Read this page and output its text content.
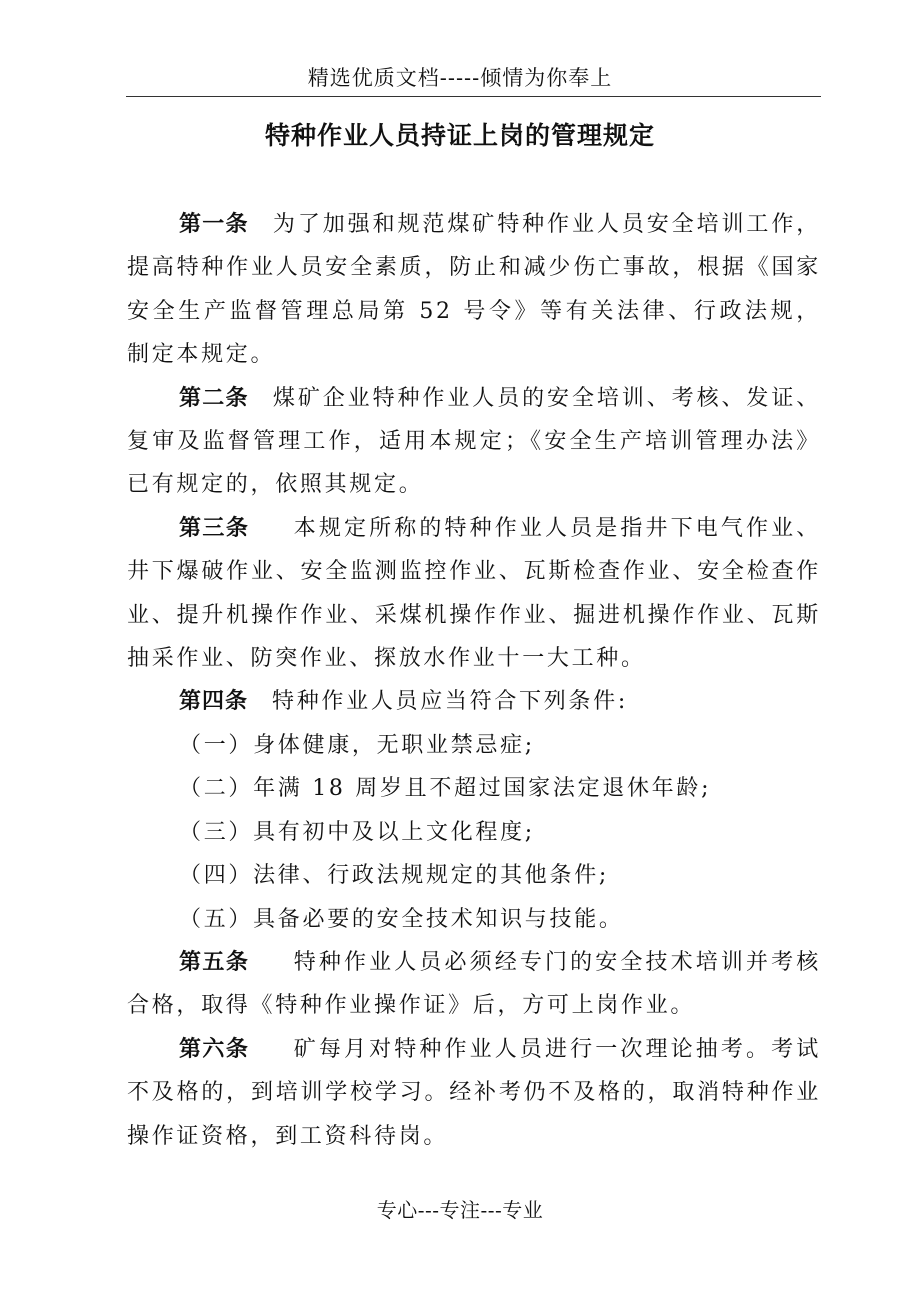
精选优质文档-----倾情为你奉上
特种作业人员持证上岗的管理规定

第一条 为了加强和规范煤矿特种作业人员安全培训工作，提高特种作业人员安全素质，防止和减少伤亡事故，根据《国家安全生产监督管理总局第 52 号令》等有关法律、行政法规，制定本规定。

第二条 煤矿企业特种作业人员的安全培训、考核、发证、复审及监督管理工作，适用本规定；《安全生产培训管理办法》已有规定的，依照其规定。

第三条 本规定所称的特种作业人员是指井下电气作业、井下爆破作业、安全监测监控作业、瓦斯检查作业、安全检查作业、提升机操作作业、采煤机操作作业、掘进机操作作业、瓦斯抽采作业、防突作业、探放水作业十一大工种。

第四条 特种作业人员应当符合下列条件:

（一）身体健康，无职业禁忌症;

（二）年满 18 周岁且不超过国家法定退休年龄;

（三）具有初中及以上文化程度;

（四）法律、行政法规规定的其他条件;

（五）具备必要的安全技术知识与技能。

第五条 特种作业人员必须经专门的安全技术培训并考核合格，取得《特种作业操作证》后，方可上岗作业。

第六条 矿每月对特种作业人员进行一次理论抽考。考试不及格的，到培训学校学习。经补考仍不及格的，取消特种作业操作证资格，到工资科待岗。

专心---专注---专业
